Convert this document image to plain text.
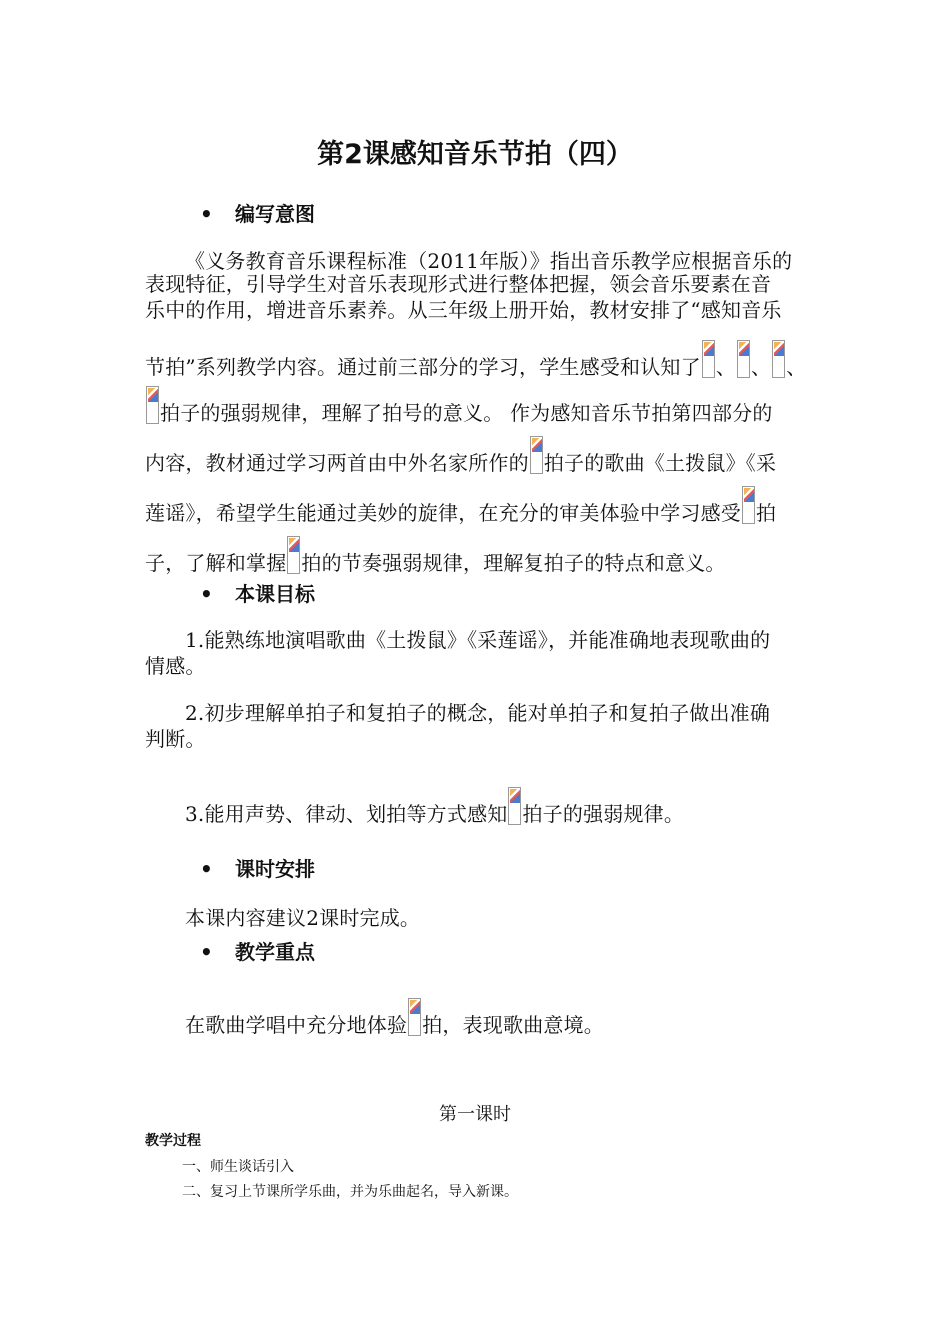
第2课感知音乐节拍（四）
• 编写意图
《义务教育音乐课程标准（2011年版）》指出音乐教学应根据音乐的
表现特征，引导学生对音乐表现形式进行整体把握，领会音乐要素在音
乐中的作用，增进音乐素养。从三年级上册开始，教材安排了“感知音乐
节拍”系列教学内容。通过前三部分的学习，学生感受和认知了 、 、 、
拍子的强弱规律，理解了拍号的意义。 作为感知音乐节拍第四部分的
内容，教材通过学习两首由中外名家所作的 拍子的歌曲《土拨鼠》《采
莲谣》，希望学生能通过美妙的旋律，在充分的审美体验中学习感受 拍
子，了解和掌握 拍的节奏强弱规律，理解复拍子的特点和意义。
• 本课目标
1.能熟练地演唱歌曲《土拨鼠》《采莲谣》，并能准确地表现歌曲的
情感。
2.初步理解单拍子和复拍子的概念，能对单拍子和复拍子做出准确
判断。
3.能用声势、律动、划拍等方式感知 拍子的强弱规律。
• 课时安排
本课内容建议2课时完成。
• 教学重点
在歌曲学唱中充分地体验 拍，表现歌曲意境。
第一课时
教学过程
一、师生谈话引入
二、复习上节课所学乐曲，并为乐曲起名，导入新课。
